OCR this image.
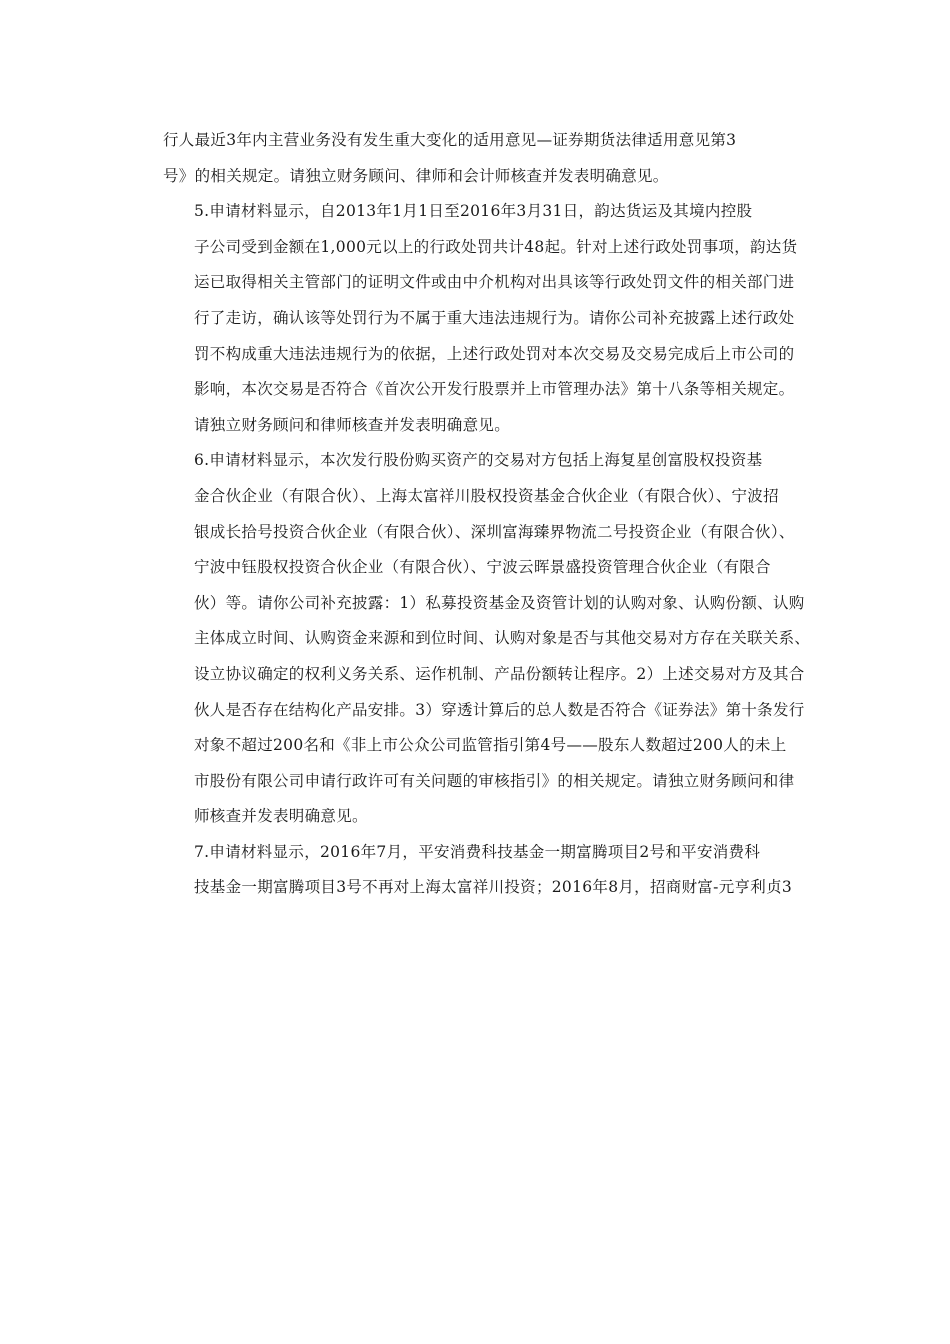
行人最近3年内主营业务没有发生重大变化的适用意见—证券期货法律适用意见第3
号》的相关规定。请独立财务顾问、律师和会计师核查并发表明确意见。
5.申请材料显示，自2013年1月1日至2016年3月31日，韵达货运及其境内控股
子公司受到金额在1,000元以上的行政处罚共计48起。针对上述行政处罚事项，韵达货
运已取得相关主管部门的证明文件或由中介机构对出具该等行政处罚文件的相关部门进
行了走访，确认该等处罚行为不属于重大违法违规行为。请你公司补充披露上述行政处
罚不构成重大违法违规行为的依据，上述行政处罚对本次交易及交易完成后上市公司的
影响，本次交易是否符合《首次公开发行股票并上市管理办法》第十八条等相关规定。
请独立财务顾问和律师核查并发表明确意见。
6.申请材料显示，本次发行股份购买资产的交易对方包括上海复星创富股权投资基
金合伙企业（有限合伙）、上海太富祥川股权投资基金合伙企业（有限合伙）、宁波招
银成长拾号投资合伙企业（有限合伙）、深圳富海臻界物流二号投资企业（有限合伙）、
宁波中钰股权投资合伙企业（有限合伙）、宁波云晖景盛投资管理合伙企业（有限合
伙）等。请你公司补充披露：1）私募投资基金及资管计划的认购对象、认购份额、认购
主体成立时间、认购资金来源和到位时间、认购对象是否与其他交易对方存在关联关系、
设立协议确定的权利义务关系、运作机制、产品份额转让程序。2）上述交易对方及其合
伙人是否存在结构化产品安排。3）穿透计算后的总人数是否符合《证券法》第十条发行
对象不超过200名和《非上市公众公司监管指引第4号——股东人数超过200人的未上
市股份有限公司申请行政许可有关问题的审核指引》的相关规定。请独立财务顾问和律
师核查并发表明确意见。
7.申请材料显示，2016年7月，平安消费科技基金一期富腾项目2号和平安消费科
技基金一期富腾项目3号不再对上海太富祥川投资；2016年8月，招商财富-元亨利贞3
